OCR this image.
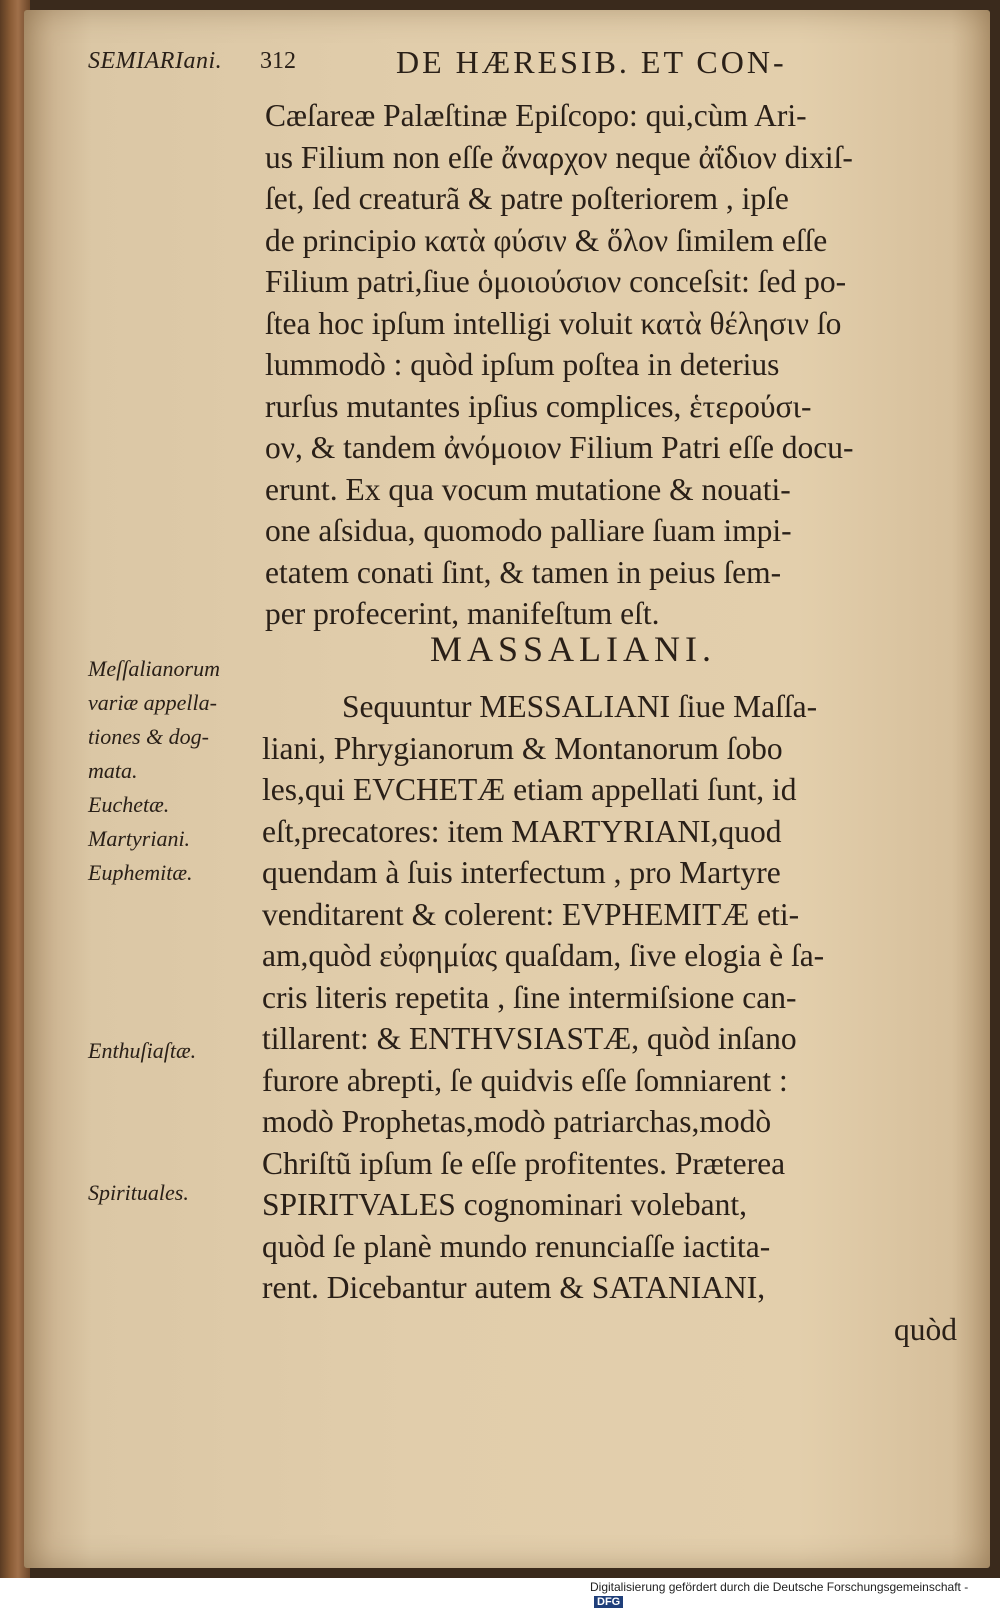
SEMIARIani. 312	DE HÆRESIB. ET CON-
Cæſareæ Palæſtinæ Epiſcopo: qui,cùm Ari-
us Filium non eſſe ἄναρχον neque ἀΐδιον dixiſ-
ſet, ſed creaturã & patre poſteriorem , ipſe
de principio κατὰ φύσιν & ὅλον ſimilem eſſe
Filium patri,ſiue ὁμοιούσιον conceſsit: ſed po-
ſtea hoc ipſum intelligi voluit κατὰ θέλησιν ſo
lummodò : quòd ipſum poſtea in deterius
rurſus mutantes ipſius complices, ἑτερούσι-
ον, & tandem ἀνόμοιον Filium Patri eſſe docu-
erunt. Ex qua vocum mutatione & nouati-
one aſsidua, quomodo palliare ſuam impi-
etatem conati ſint, & tamen in peius ſem-
per profecerint, manifeſtum eſt.
MASSALIANI.
Sequuntur MESSALIANI ſiue Maſſa-
liani, Phrygianorum & Montanorum ſobo
les,qui EVCHETÆ etiam appellati ſunt, id
eſt,precatores: item MARTYRIANI,quod
quendam à ſuis interfectum , pro Martyre
venditarent & colerent: EVPHEMITÆ eti-
am,quòd εὐφημίας quaſdam, ſive elogia è ſa-
cris literis repetita , ſine intermiſsione can-
tillarent: & ENTHVSIASTÆ, quòd inſano
furore abrepti, ſe quidvis eſſe ſomniarent :
modò Prophetas,modò patriarchas,modò
Chriſtũ ipſum ſe eſſe profitentes. Præterea
SPIRITVALES cognominari volebant,
quòd ſe planè mundo renunciaſſe iactita-
rent. Dicebantur autem & SATANIANI,
quòd
Meſſalianorum
variæ appella-
tiones & dog-
mata.
Euchetæ.
Martyriani.
Euphemitæ.
Enthuſiaſtæ.
Spirituales.
Digitalisierung gefördert durch die Deutsche Forschungsgemeinschaft - DFG
